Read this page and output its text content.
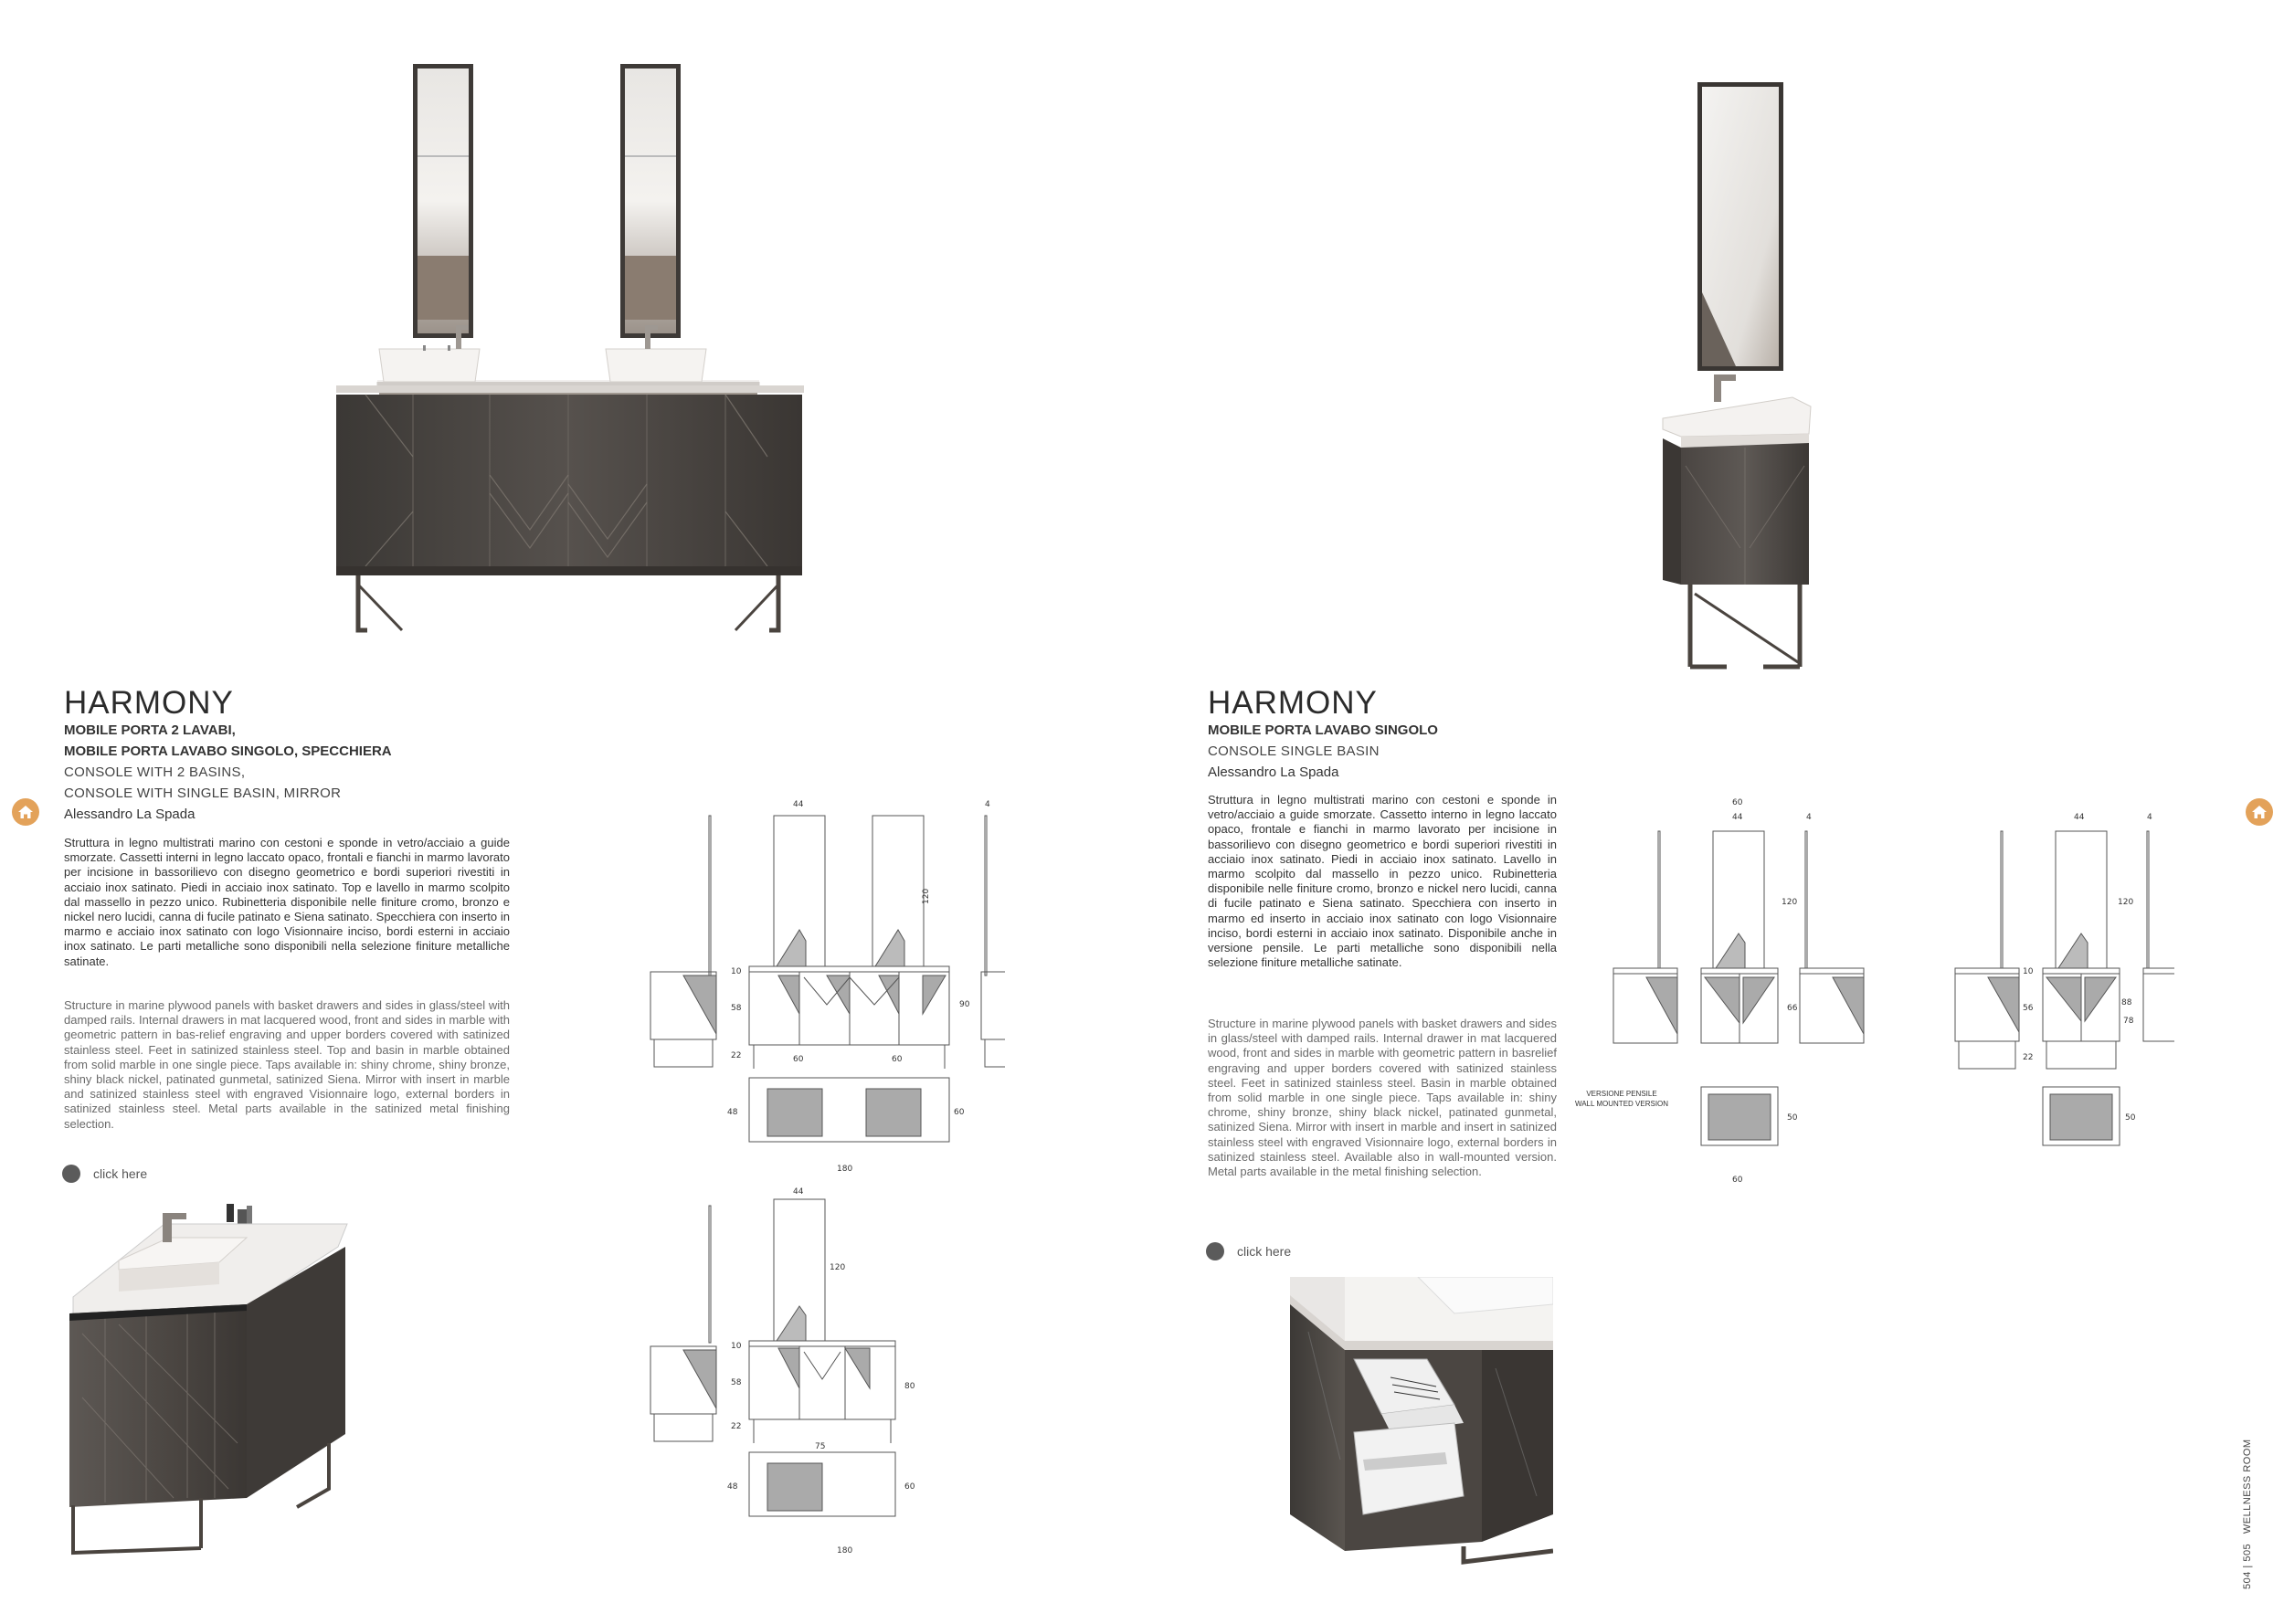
HARMONY
MOBILE PORTA 2 LAVABI,
MOBILE PORTA LAVABO SINGOLO, SPECCHIERA
CONSOLE WITH 2 BASINS,
CONSOLE WITH SINGLE BASIN, MIRROR
Alessandro La Spada
Struttura in legno multistrati marino con cestoni e sponde in vetro/acciaio a guide smorzate. Cassetti interni in legno laccato opaco, frontali e fianchi in marmo lavorato per incisione in bassorilievo con disegno geometrico e bordi superiori rivestiti in acciaio inox satinato. Piedi in acciaio inox satinato. Top e lavello in marmo scolpito dal massello in pezzo unico. Rubinetteria disponibile nelle finiture cromo, bronzo e nickel nero lucidi, canna di fucile patinato e Siena satinato. Specchiera con inserto in marmo e acciaio inox satinato con logo Visionnaire inciso, bordi esterni in acciaio inox satinato. Le parti metalliche sono disponibili nella selezione finiture metalliche satinate.
Structure in marine plywood panels with basket drawers and sides in glass/steel with damped rails. Internal drawers in mat lacquered wood, front and sides in marble with geometric pattern in bas-relief engraving and upper borders covered with satinized stainless steel. Feet in satinized stainless steel. Top and basin in marble obtained from solid marble in one single piece. Taps available in: shiny chrome, shiny bronze, shiny black nickel, patinated gunmetal, satinized Siena. Mirror with insert in marble and satinized stainless steel with engraved Visionnaire logo, external borders in satinized stainless steel. Metal parts available in the satinized metal finishing selection.
click here
44	4
120
10
58
22
90
60	60
48	60
180
44
120
10
58
22
80
75
48	60
180
HARMONY
MOBILE PORTA LAVABO SINGOLO
CONSOLE SINGLE BASIN
Alessandro La Spada
Struttura in legno multistrati marino con cestoni e sponde in vetro/acciaio a guide smorzate. Cassetto interno in legno laccato opaco, frontale e fianchi in marmo lavorato per incisione in bassorilievo con disegno geometrico e bordi superiori rivestiti in acciaio inox satinato. Piedi in acciaio inox satinato. Lavello in marmo scolpito dal massello in pezzo unico. Rubinetteria disponibile nelle finiture cromo, bronzo e nickel nero lucidi, canna di fucile patinato e Siena satinato. Specchiera con inserto in marmo ed inserto in acciaio inox satinato con logo Visionnaire inciso, bordi esterni in acciaio inox satinato. Disponibile anche in versione pensile. Le parti metalliche sono disponibili nella selezione finiture metalliche satinate.
Structure in marine plywood panels with basket drawers and sides in glass/steel with damped rails. Internal drawer in mat lacquered wood, front and sides in marble with geometric pattern in basrelief engraving and upper borders covered with satinized stainless steel. Feet in satinized stainless steel. Basin in marble obtained from solid marble in one single piece. Taps available in: shiny chrome, shiny bronze, shiny black nickel, patinated gunmetal, satinized Siena. Mirror with insert in marble and insert in satinized stainless steel with engraved Visionnaire logo, external borders in satinized stainless steel. Available also in wall-mounted version. Metal parts available in the metal finishing selection.
click here
60
44	4
120
66
50
60
44	4
120
10
56
22
78
88
50
VERSIONE PENSILE
WALL MOUNTED VERSION
504 | 505   WELLNESS ROOM
